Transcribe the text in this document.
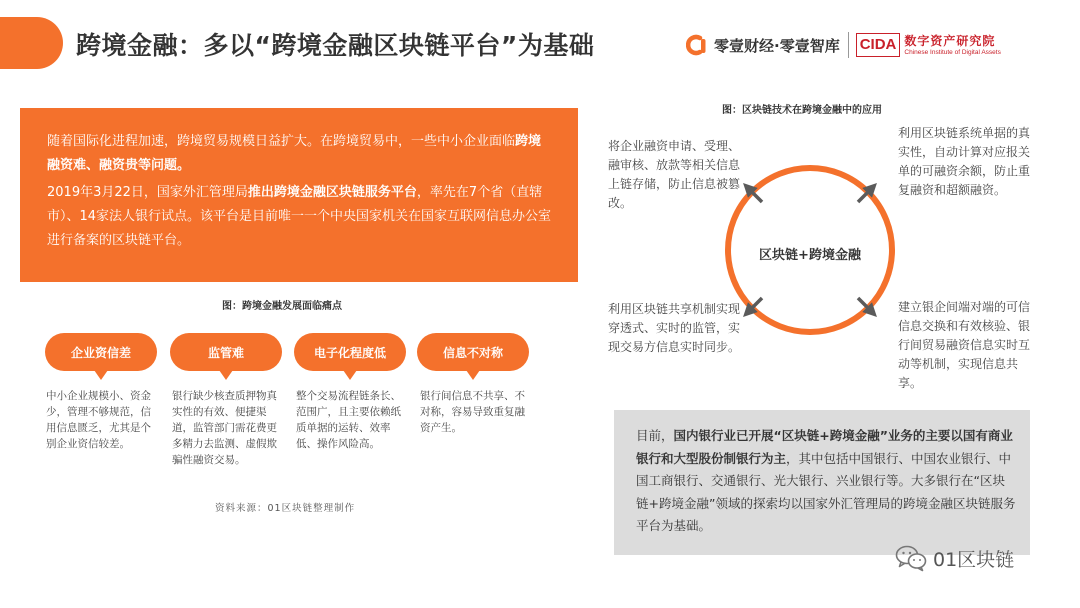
跨境金融：多以“跨境金融区块链平台”为基础	零壹财经·零壹智库 CIDA 数字资产研究院
Chinese Institute of Digital Assets

随着国际化进程加速，跨境贸易规模日益扩大。在跨境贸易中，一些中小企业面临跨境融资难、融资贵等问题。

2019年3月22日，国家外汇管理局推出跨境金融区块链服务平台，率先在7个省（直辖市）、14家法人银行试点。该平台是目前唯一一个中央国家机关在国家互联网信息办公室进行备案的区块链平台。

图：跨境金融发展面临痛点
企业资信差	监管难	电子化程度低	信息不对称
中小企业规模小、资金少，管理不够规范，信用信息匮乏，尤其是个别企业资信较差。
银行缺少核查质押物真实性的有效、便捷渠道，监管部门需花费更多精力去监测、虚假欺骗性融资交易。
整个交易流程链条长、范围广，且主要依赖纸质单据的运转、效率低、操作风险高。
银行间信息不共享、不对称，容易导致重复融资产生。
资料来源：01区块链整理制作
图：区块链技术在跨境金融中的应用
区块链+跨境金融
将企业融资申请、受理、融审核、放款等相关信息上链存储，防止信息被篡改。
利用区块链系统单据的真实性，自动计算对应报关单的可融资余额，防止重复融资和超额融资。
利用区块链共享机制实现穿透式、实时的监管，实现交易方信息实时同步。
建立银企间端对端的可信信息交换和有效核验、银行间贸易融资信息实时互动等机制，实现信息共享。
目前，国内银行业已开展“区块链+跨境金融”业务的主要以国有商业银行和大型股份制银行为主，其中包括中国银行、中国农业银行、中国工商银行、交通银行、光大银行、兴业银行等。大多银行在“区块链+跨境金融”领域的探索均以国家外汇管理局的跨境金融区块链服务平台为基础。
01区块链
